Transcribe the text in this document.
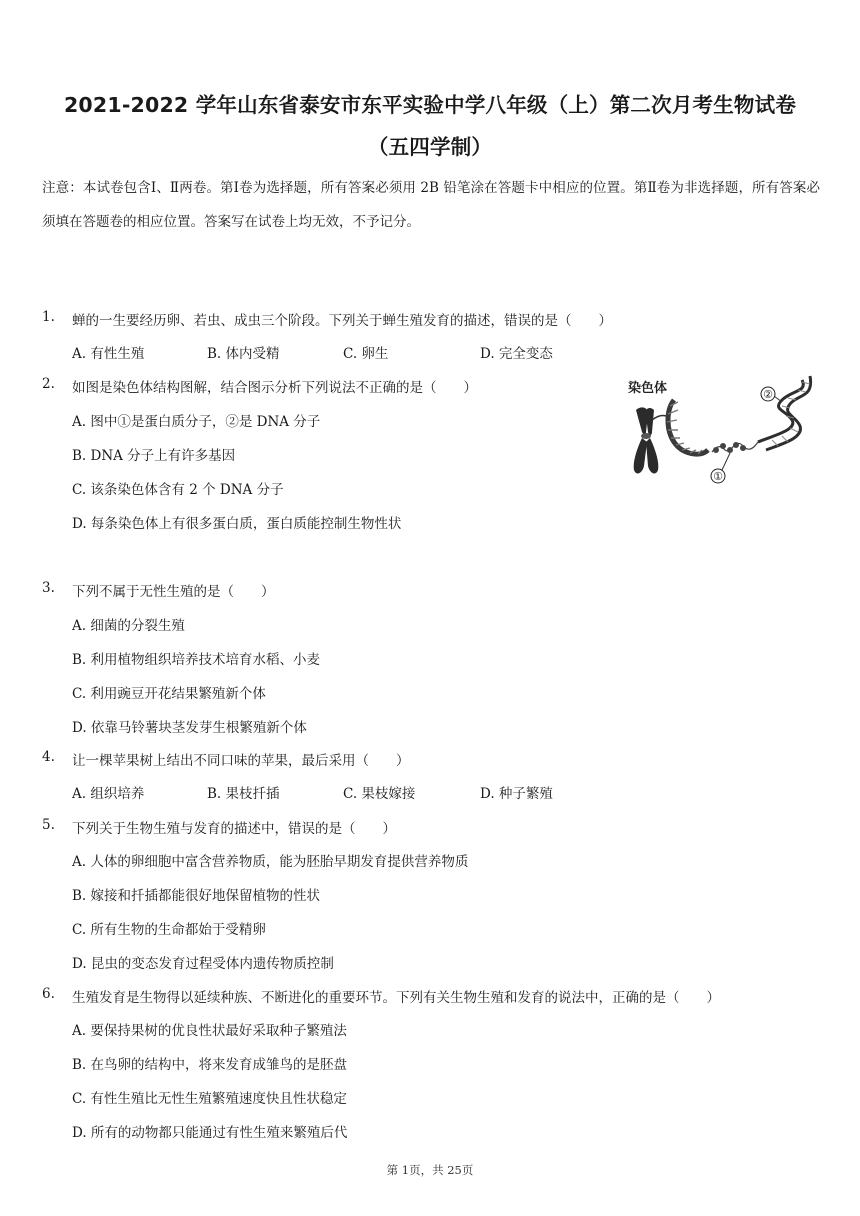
2021-2022 学年山东省泰安市东平实验中学八年级（上）第二次月考生物试卷
（五四学制）
注意：本试卷包含Ⅰ、Ⅱ两卷。第Ⅰ卷为选择题，所有答案必须用 2B 铅笔涂在答题卡中相应的位置。第Ⅱ卷为非选择题，所有答案必须填在答题卷的相应位置。答案写在试卷上均无效，不予记分。
1. 蝉的一生要经历卵、若虫、成虫三个阶段。下列关于蝉生殖发育的描述，错误的是（　　）
A. 有性生殖	B. 体内受精	C. 卵生	D. 完全变态
2. 如图是染色体结构图解，结合图示分析下列说法不正确的是（　　）
A. 图中①是蛋白质分子，②是 DNA 分子
B. DNA 分子上有许多基因
C. 该条染色体含有 2 个 DNA 分子
D. 每条染色体上有很多蛋白质，蛋白质能控制生物性状
染色体
①
②
3. 下列不属于无性生殖的是（　　）
A. 细菌的分裂生殖
B. 利用植物组织培养技术培育水稻、小麦
C. 利用豌豆开花结果繁殖新个体
D. 依靠马铃薯块茎发芽生根繁殖新个体
4. 让一棵苹果树上结出不同口味的苹果，最后采用（　　）
A. 组织培养	B. 果枝扦插	C. 果枝嫁接	D. 种子繁殖
5. 下列关于生物生殖与发育的描述中，错误的是（　　）
A. 人体的卵细胞中富含营养物质，能为胚胎早期发育提供营养物质
B. 嫁接和扦插都能很好地保留植物的性状
C. 所有生物的生命都始于受精卵
D. 昆虫的变态发育过程受体内遗传物质控制
6. 生殖发育是生物得以延续种族、不断进化的重要环节。下列有关生物生殖和发育的说法中，正确的是（　　）
A. 要保持果树的优良性状最好采取种子繁殖法
B. 在鸟卵的结构中，将来发育成雏鸟的是胚盘
C. 有性生殖比无性生殖繁殖速度快且性状稳定
D. 所有的动物都只能通过有性生殖来繁殖后代
第 1页，共 25页
